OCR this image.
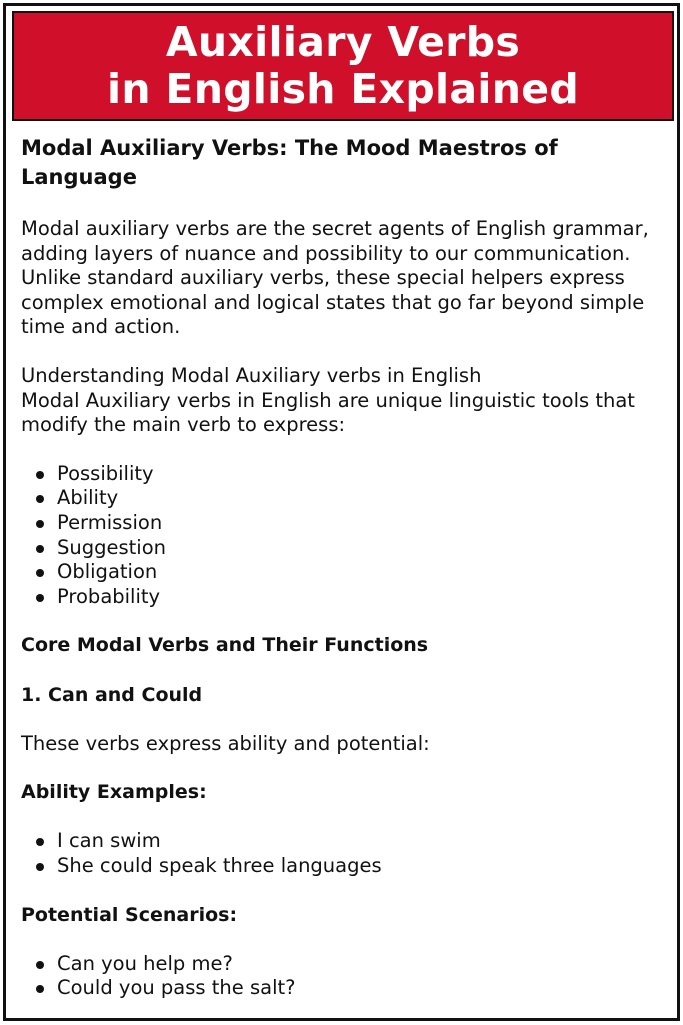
Auxiliary Verbs
in English Explained
Modal Auxiliary Verbs: The Mood Maestros of
Language
Modal auxiliary verbs are the secret agents of English grammar,
adding layers of nuance and possibility to our communication.
Unlike standard auxiliary verbs, these special helpers express
complex emotional and logical states that go far beyond simple
time and action.
Understanding Modal Auxiliary verbs in English
Modal Auxiliary verbs in English are unique linguistic tools that
modify the main verb to express:
Possibility
Ability
Permission
Suggestion
Obligation
Probability
Core Modal Verbs and Their Functions
1. Can and Could
These verbs express ability and potential:
Ability Examples:
I can swim
She could speak three languages
Potential Scenarios:
Can you help me?
Could you pass the salt?
